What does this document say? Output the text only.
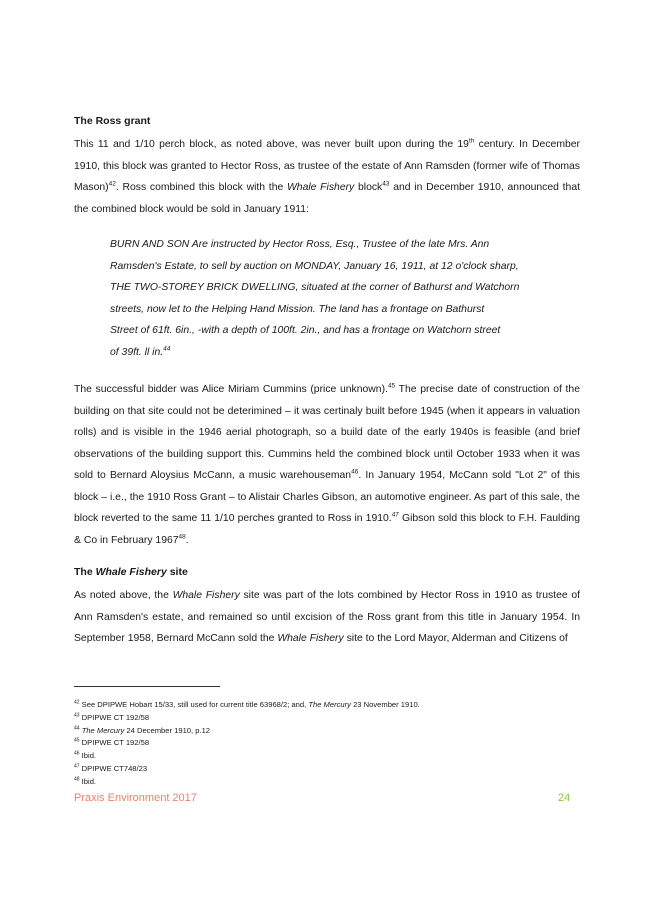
The Ross grant

This 11 and 1/10 perch block, as noted above, was never built upon during the 19th century. In December 1910, this block was granted to Hector Ross, as trustee of the estate of Ann Ramsden (former wife of Thomas Mason)$^{42}$. Ross combined this block with the Whale Fishery block$^{43}$ and in December 1910, announced that the combined block would be sold in January 1911:

BURN AND SON Are instructed by Hector Ross, Esq., Trustee of the late Mrs. Ann
Ramsden's Estate, to sell by auction on MONDAY, January 16, 1911, at 12 o'clock sharp,
THE TWO-STOREY BRICK DWELLING, situated at the corner of Bathurst and Watchorn
streets, now let to the Helping Hand Mission. The land has a frontage on Bathurst
Street of 61ft. 6in., -with a depth of 100ft. 2in., and has a frontage on Watchorn street
of 39ft. ll in.$^{44}$

The successful bidder was Alice Miriam Cummins (price unknown).$^{45}$ The precise date of construction of the building on that site could not be deterimined – it was certinaly built before 1945 (when it appears in valuation rolls) and is visible in the 1946 aerial photograph, so a build date of the early 1940s is feasible (and brief observations of the building support this. Cummins held the combined block until October 1933 when it was sold to Bernard Aloysius McCann, a music warehouseman$^{46}$. In January 1954, McCann sold "Lot 2" of this block – i.e., the 1910 Ross Grant – to Alistair Charles Gibson, an automotive engineer. As part of this sale, the block reverted to the same 11 1/10 perches granted to Ross in 1910.47 Gibson sold this block to F.H. Faulding & Co in February 1967$^{48}$.

The Whale Fishery site

As noted above, the Whale Fishery site was part of the lots combined by Hector Ross in 1910 as trustee of Ann Ramsden's estate, and remained so until excision of the Ross grant from this title in January 1954. In September 1958, Bernard McCann sold the Whale Fishery site to the Lord Mayor, Alderman and Citizens of

$^{42}$ See DPIPWE Hobart 15/33, still used for current title 63968/2; and, The Mercury 23 November 1910.
$^{43}$ DPIPWE CT 192/58
$^{44}$ The Mercury 24 December 1910, p.12
$^{45}$ DPIPWE CT 192/58
$^{46}$ Ibid.
$^{47}$ DPIPWE CT748/23
$^{48}$ Ibid.
Praxis Environment 2017	24
